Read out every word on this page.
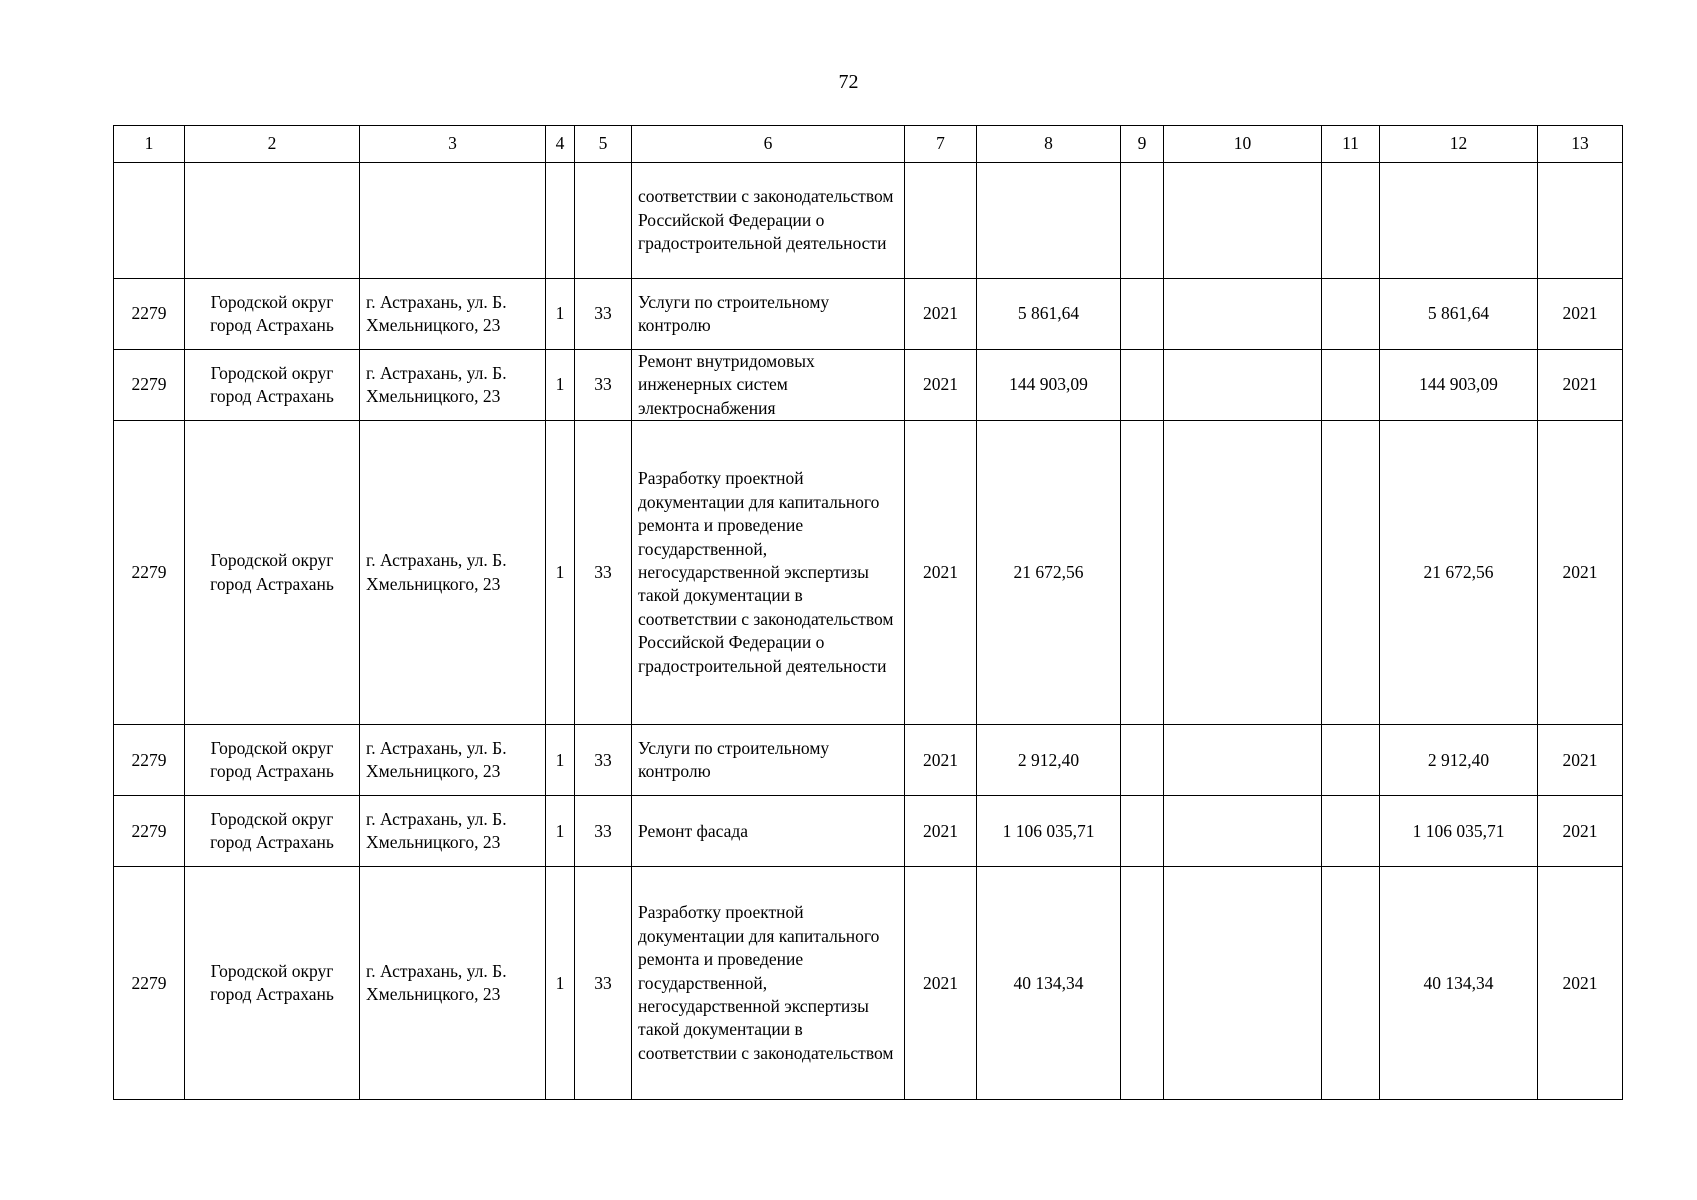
72
1	2	3	4	5	6	7	8	9	10	11	12	13
					соответствии с законодательством Российской Федерации о градостроительной деятельности							
2279	Городской округ город Астрахань	г. Астрахань, ул. Б. Хмельницкого, 23	1	33	Услуги по строительному контролю	2021	5 861,64				5 861,64	2021
2279	Городской округ город Астрахань	г. Астрахань, ул. Б. Хмельницкого, 23	1	33	Ремонт внутридомовых инженерных систем электроснабжения	2021	144 903,09				144 903,09	2021
2279	Городской округ город Астрахань	г. Астрахань, ул. Б. Хмельницкого, 23	1	33	Разработку проектной документации для капитального ремонта и проведение государственной, негосударственной экспертизы такой документации в соответствии с законодательством Российской Федерации о градостроительной деятельности	2021	21 672,56				21 672,56	2021
2279	Городской округ город Астрахань	г. Астрахань, ул. Б. Хмельницкого, 23	1	33	Услуги по строительному контролю	2021	2 912,40				2 912,40	2021
2279	Городской округ город Астрахань	г. Астрахань, ул. Б. Хмельницкого, 23	1	33	Ремонт фасада	2021	1 106 035,71				1 106 035,71	2021
2279	Городской округ город Астрахань	г. Астрахань, ул. Б. Хмельницкого, 23	1	33	Разработку проектной документации для капитального ремонта и проведение государственной, негосударственной экспертизы такой документации в соответствии с законодательством	2021	40 134,34				40 134,34	2021
